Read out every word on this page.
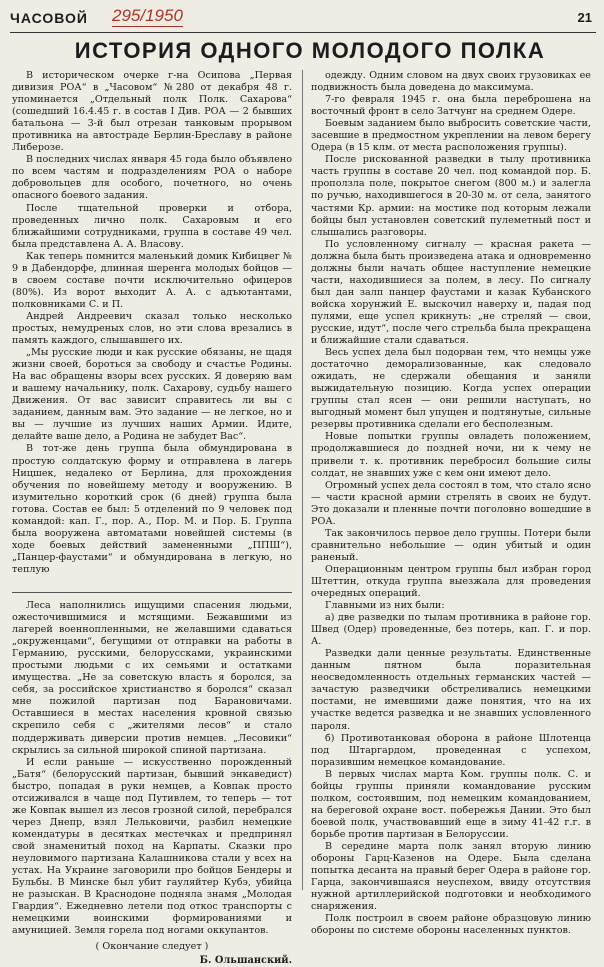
ЧАСОВОЙ 295/1950	21
ИСТОРИЯ ОДНОГО МОЛОДОГО ПОЛКА

В историческом очерке г-на Осипова „Первая дивизия РОА“ в „Часовом“ №280 от декабря 48 г. упоминается „Отдельный полк Полк. Сахарова“ (сошедший 16.4.45 г. в состав I Див. РОА — 2 бывших батальона — 3-й был отрезан танковым прорывом противника на автостраде Берлин-Бреславу в районе Либерозе.

В последних числах января 45 года было объявлено по всем частям и подразделениям РОА о наборе добровольцев для особого, почетного, но очень опасного боевого задания.

После тщательной проверки и отбора, проведенных лично полк. Сахаровым и его ближайшими сотрудниками, группа в составе 49 чел. была представлена А. А. Власову.

Как теперь помнится маленький домик Кибицвег № 9 в Дабендорфе, длинная шеренга молодых бойцов — в своем составе почти исключительно офицеров (80%). Из ворот выходит А. А. с адъютантами, полковниками С. и П.

Андрей Андреевич сказал только несколько простых, немудреных слов, но эти слова врезались в память каждого, слышавшего их.

„Мы русские люди и как русские обязаны, не щадя жизни своей, бороться за свободу и счастье Родины. На вас обращены взоры всех русских. Я доверяю вам и вашему начальнику, полк. Сахарову, судьбу нашего Движения. От вас зависит справитесь ли вы с заданием, данным вам. Это задание — не легкое, но и вы — лучшие из лучших наших Армии. Идите, делайте ваше дело, а Родина не забудет Вас“.

В тот-же день группа была обмундирована в простую солдатскую форму и отправлена в лагерь Ницшек, недалеко от Берлина, для прохождения обучения по новейшему методу и вооружению. В изумительно короткий срок (6 дней) группа была готова. Состав ее был: 5 отделений по 9 человек под командой: кап. Г., пор. А., Пор. М. и Пор. Б. Группа была вооружена автоматами новейшей системы (в ходе боевых действий замененными „ППШ“), „Панцер-фаустами“ и обмундирована в легкую, но теплую

Леса наполнились ищущими спасения людьми, ожесточившимися и мстящими. Бежавшими из лагерей военнопленными, не желавшими сдаваться „окруженцами“, бегущими от отправки на работы в Германию, русскими, белоруссками, украинскими простыми людьми с их семьями и остатками имущества. „Не за советскую власть я боролся, за себя, за российское христианство я боролся“ сказал мне пожилой партизан под Барановичами. Оставшиеся в местах населения кровной связью скрепило себя с „жителями лесов“ и стало поддерживать диверсии против немцев. „Лесовики“ скрылись за сильной широкой спиной партизана.

И если раньше — искусственно порожденный „Батя“ (белорусский партизан, бывший энкаведист) быстро, попадая в руки немцев, а Ковпак просто отсиживался в чаще под Путивлем, то теперь — тот же Ковпак вышел из лесов грозной силой, перебрался через Днепр, взял Лельковичи, разбил немецкие комендатуры в десятках местечках и предпринял свой знаменитый поход на Карпаты. Сказки про неуловимого партизана Калашникова стали у всех на устах. На Украине заговорили про бойцов Бендеры и Бульбы. В Минске был убит гауляйтер Кубэ, убийца не разыскан. В Краснодоне подняла знамя „Молодая Гвардия“. Ежедневно летели под откос транспорты с немецкими воинскими формированиями и амуницией. Земля горела под ногами оккупантов.

( Окончание следует )
Б. Ольшанский.

одежду. Одним словом на двух своих грузовиках ее подвижность была доведена до максимума.

7-го февраля 1945 г. она была переброшена на восточный фронт в село Затчунг на среднем Одере.

Боевым заданием было выбросить советские части, засевшие в предмостном укреплении на левом берегу Одера (в 15 клм. от места расположения группы).

После рискованной разведки в тылу противника часть группы в составе 20 чел. под командой пор. Б. проползла поле, покрытое снегом (800 м.) и залегла по ручью, находившегося в 20-30 м. от села, занятого частями Кр. армии: на мостике под которым лежали бойцы был установлен советский пулеметный пост и слышались разговоры.

По условленному сигналу — красная ракета — должна была быть произведена атака и одновременно должны были начать общее наступление немецкие части, находившиеся за полем, в лесу. По сигналу был дан залп панцер фаустами и казак Кубанского войска хорунжий Е. выскочил наверху и, падая под пулями, еще успел крикнуть: „не стреляй — свои, русские, идут“, после чего стрельба была прекращена и ближайшие стали сдаваться.

Весь успех дела был подорван тем, что немцы уже достаточно деморализованные, как следовало ожидать, не сдержали обещания и заняли выжидательную позицию. Когда успех операции группы стал ясен — они решили наступать, но выгодный момент был упущен и подтянутые, сильные резервы противника сделали его бесполезным.

Новые попытки группы овладеть положением, продолжавшиеся до поздней ночи, ни к чему не привели т. к. противник перебросил большие силы солдат, не знавших уже с кем они имеют дело.

Огромный успех дела состоял в том, что стало ясно — части красной армии стрелять в своих не будут. Это доказали и пленные почти поголовно вошедшие в РОА.

Так закончилось первое дело группы. Потери были сравнительно небольшие — один убитый и один раненый.

Операционным центром группы был избран город Штеттин, откуда группа выезжала для проведения очередных операций.

Главными из них были:

а) две разведки по тылам противника в районе гор. Швед (Одер) проведенные, без потерь, кап. Г. и пор. А.

Разведки дали ценные результаты. Единственные данным пятном была поразительная неосведомленность отдельных германских частей — зачастую разведчики обстреливались немецкими постами, не имевшими даже понятия, что на их участке ведется разведка и не знавших условленного пароля.

б) Противотанковая оборона в районе Шлотенца под Штаргардом, проведенная с успехом, поразившим немецкое командование.

В первых числах марта Ком. группы полк. С. и бойцы группы приняли командование русским полком, состоявшим, под немецким командованием, на береговой охране вост. побережья Дании. Это был боевой полк, участвовавший еще в зиму 41-42 г.г. в борьбе против партизан в Белоруссии.

В середине марта полк занял вторую линию обороны Гарц-Казенов на Одере. Была сделана попытка десанта на правый берег Одера в районе гор. Гарца, закончившаяся неуспехом, ввиду отсутствия нужной артиллерийской подготовки и необходимого снаряжения.

Полк построил в своем районе образцовую линию обороны по системе обороны населенных пунктов.
